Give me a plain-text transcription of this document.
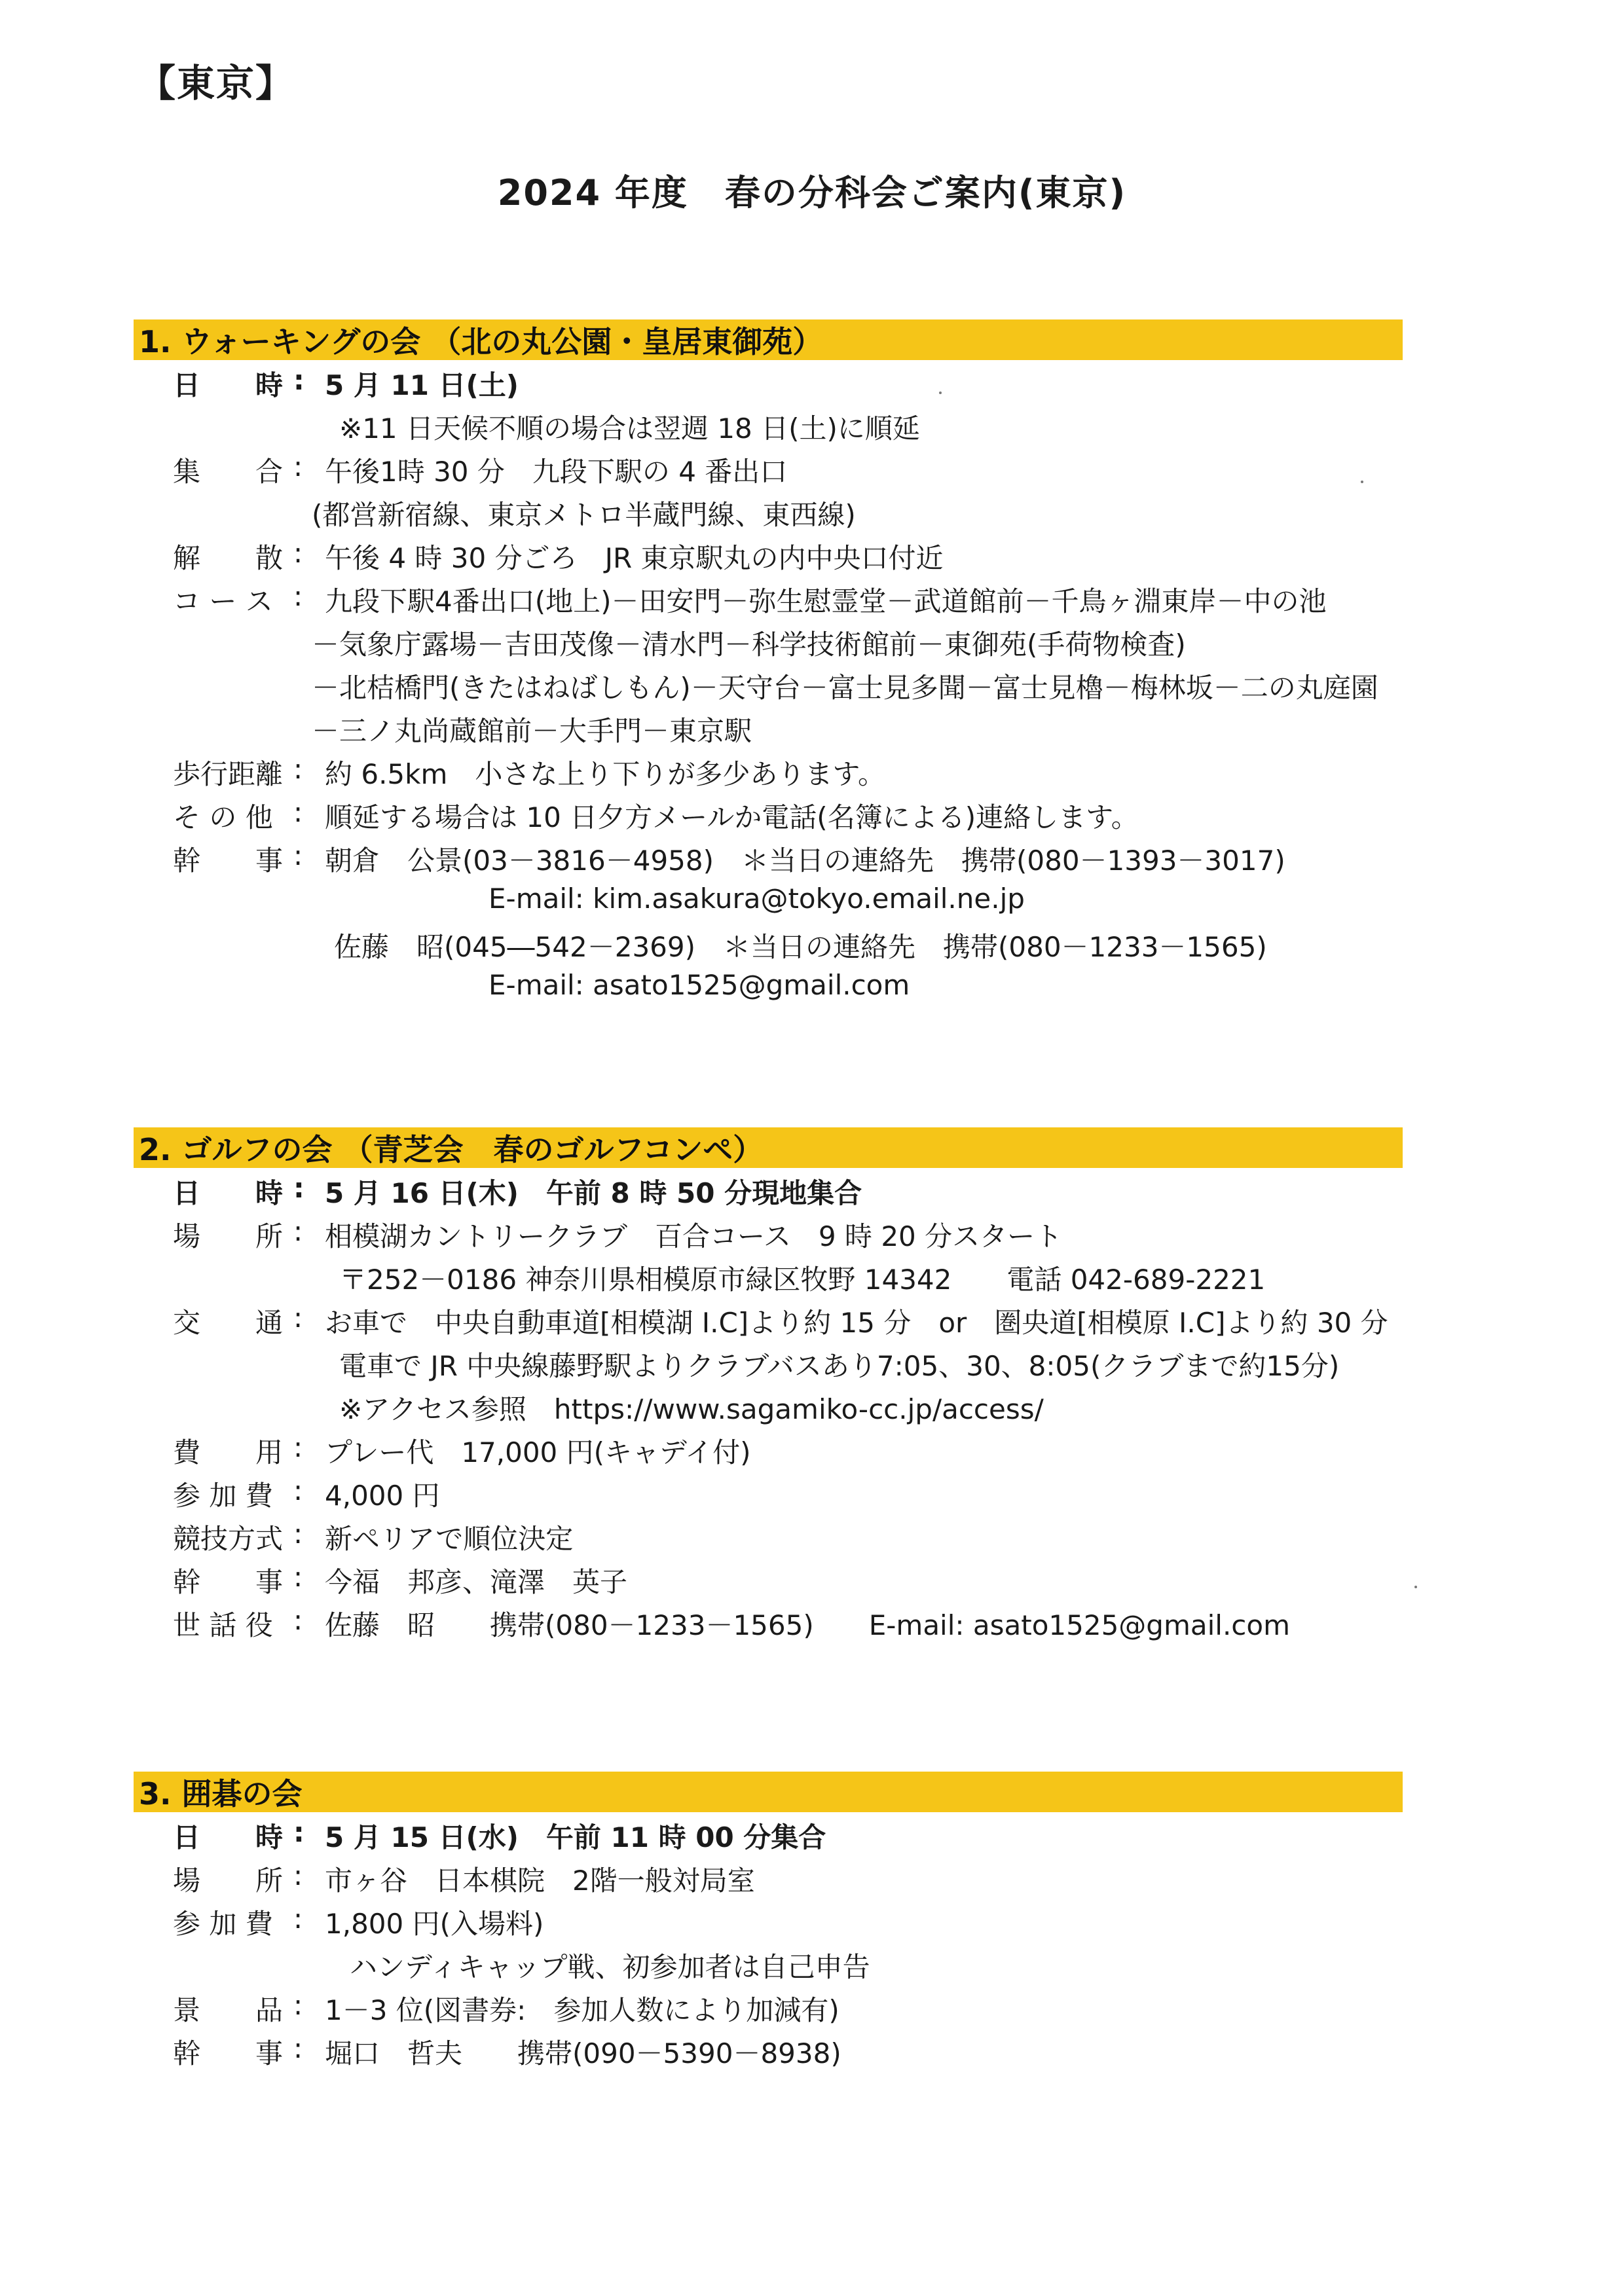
【東京】
2024 年度　春の分科会ご案内(東京)
1. ウォーキングの会 （北の丸公園・皇居東御苑）
日　　時 : 5 月 11 日(土)
※11 日天候不順の場合は翌週 18 日(土)に順延
集　　合 : 午後1時 30 分　九段下駅の 4 番出口
(都営新宿線、東京メトロ半蔵門線、東西線)
解　　散 : 午後 4 時 30 分ごろ　JR 東京駅丸の内中央口付近
コ ー ス : 九段下駅4番出口(地上)－田安門－弥生慰霊堂－武道館前－千鳥ヶ淵東岸－中の池
－気象庁露場－吉田茂像－清水門－科学技術館前－東御苑(手荷物検査)
－北桔橋門(きたはねばしもん)－天守台－富士見多聞－富士見櫓－梅林坂－二の丸庭園
－三ノ丸尚蔵館前－大手門－東京駅
歩行距離 : 約 6.5km　小さな上り下りが多少あります。
そ の 他 : 順延する場合は 10 日夕方メールか電話(名簿による)連絡します。
幹　　事 : 朝倉　公景(03－3816－4958)　＊当日の連絡先　携帯(080－1393－3017)
E-mail: kim.asakura@tokyo.email.ne.jp
佐藤　昭(045―542－2369)　＊当日の連絡先　携帯(080－1233－1565)
E-mail: asato1525@gmail.com
2. ゴルフの会 （青芝会　春のゴルフコンペ）
日　　時 : 5 月 16 日(木)　午前 8 時 50 分現地集合
場　　所 : 相模湖カントリークラブ　百合コース　9 時 20 分スタート
〒252－0186 神奈川県相模原市緑区牧野 14342　　電話 042-689-2221
交　　通 : お車で　中央自動車道[相模湖 I.C]より約 15 分　or　圏央道[相模原 I.C]より約 30 分
電車で JR 中央線藤野駅よりクラブバスあり7:05、30、8:05(クラブまで約15分)
※アクセス参照　https://www.sagamiko-cc.jp/access/
費　　用 : プレー代　17,000 円(キャデイ付)
参 加 費 : 4,000 円
競技方式 : 新ペリアで順位決定
幹　　事 : 今福　邦彦、滝澤　英子
世 話 役 : 佐藤　昭　　携帯(080－1233－1565)　　E-mail: asato1525@gmail.com
3. 囲碁の会
日　　時 : 5 月 15 日(水)　午前 11 時 00 分集合
場　　所 : 市ヶ谷　日本棋院　2階一般対局室
参 加 費 : 1,800 円(入場料)
ハンディキャップ戦、初参加者は自己申告
景　　品 : 1－3 位(図書券:　参加人数により加減有)
幹　　事 : 堀口　哲夫　　携帯(090－5390－8938)
